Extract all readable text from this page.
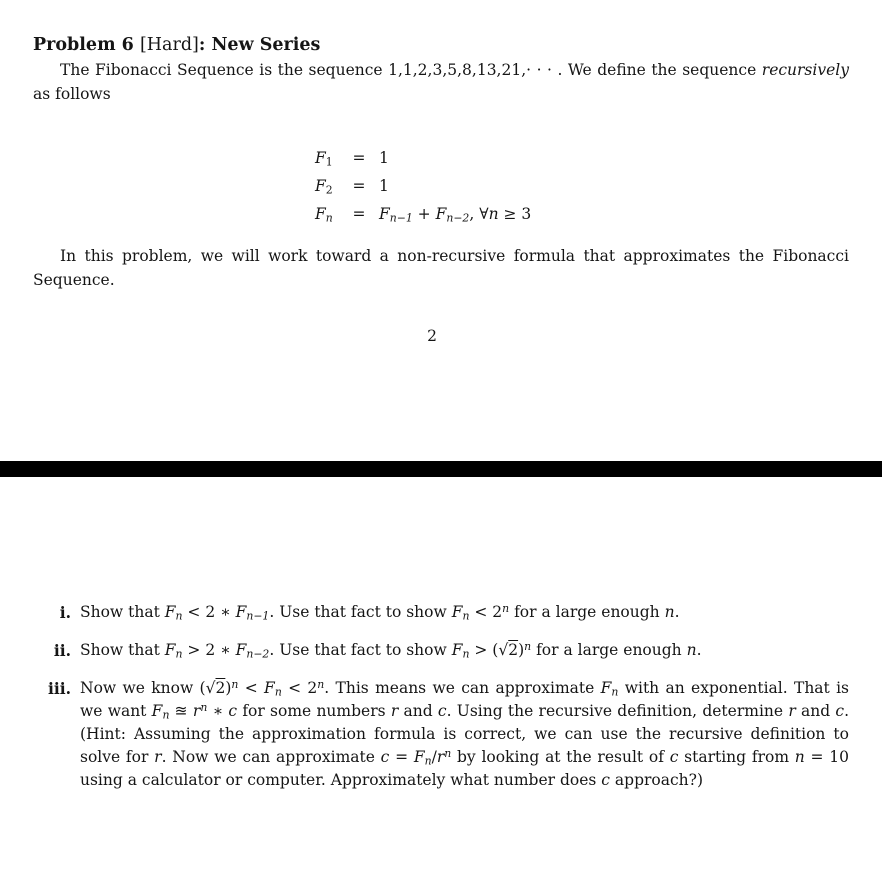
Problem 6 [Hard]: New Series

The Fibonacci Sequence is the sequence 1,1,2,3,5,8,13,21,· · · . We define the sequence recursively as follows

F1	= 1
F2	= 1
Fn	= Fn−1 + Fn−2, ∀n ≥ 3

In this problem, we will work toward a non-recursive formula that approximates the Fibonacci Sequence.

2
i. Show that Fn < 2 ∗ Fn−1. Use that fact to show $Fn < 2^n$ for a large enough n.
ii. Show that Fn > 2 ∗ Fn−2. Use that fact to show $Fn > (√2)^n$ for a large enough n.
iii. Now we know $(√2)^n < Fn < 2^n$. This means we can approximate Fn with an exponential. That is we want Fn ≊ $r^n$ ∗ c for some numbers r and c. Using the recursive definition, determine r and c. (Hint: Assuming the approximation formula is correct, we can use the recursive definition to solve for r. Now we can approximate $c = Fn/r^n$ by looking at the result of c starting from n = 10 using a calculator or computer. Approximately what number does c approach?)
